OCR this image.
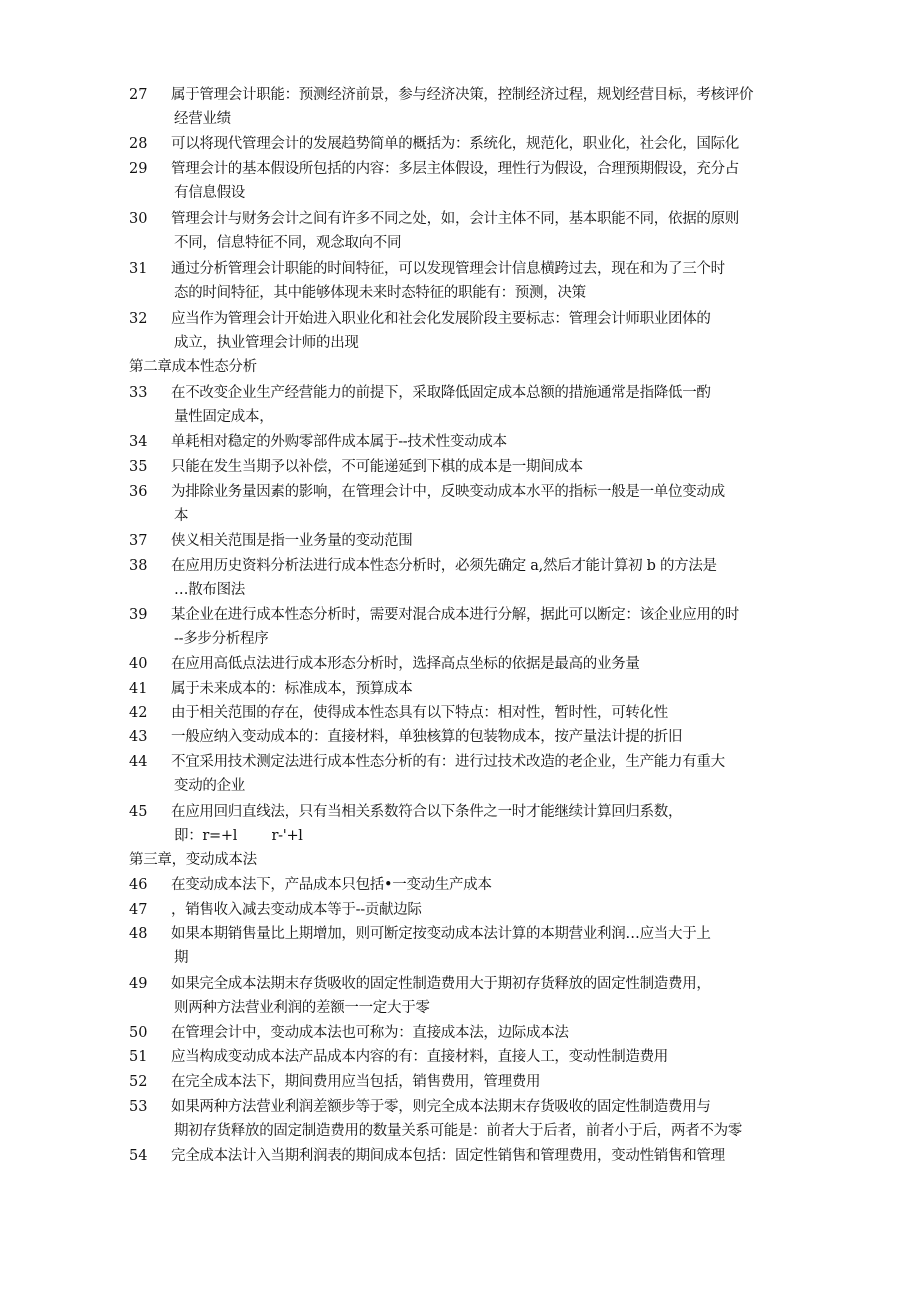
27 属于管理会计职能：预测经济前景，参与经济决策，控制经济过程，规划经营目标，考核评价
经营业绩
28 可以将现代管理会计的发展趋势简单的概括为：系统化，规范化，职业化，社会化，国际化
29 管理会计的基本假设所包括的内容：多层主体假设，理性行为假设，合理预期假设，充分占
有信息假设
30 管理会计与财务会计之间有许多不同之处，如，会计主体不同，基本职能不同，依据的原则
不同，信息特征不同，观念取向不同
31 通过分析管理会计职能的时间特征，可以发现管理会计信息横跨过去，现在和为了三个时
态的时间特征，其中能够体现未来时态特征的职能有：预测，决策
32 应当作为管理会计开始进入职业化和社会化发展阶段主要标志：管理会计师职业团体的
成立，执业管理会计师的出现
第二章成本性态分析
33 在不改变企业生产经营能力的前提下，采取降低固定成本总额的措施通常是指降低一酌
量性固定成本，
34 单耗相对稳定的外购零部件成本属于--技术性变动成本
35 只能在发生当期予以补偿，不可能递延到下棋的成本是一期间成本
36 为排除业务量因素的影响，在管理会计中，反映变动成本水平的指标一般是一单位变动成
本
37 侠义相关范围是指一业务量的变动范围
38 在应用历史资料分析法进行成本性态分析时，必须先确定 a,然后才能计算初 b 的方法是
…散布图法
39 某企业在进行成本性态分析时，需要对混合成本进行分解，据此可以断定：该企业应用的时
--多步分析程序
40 在应用高低点法进行成本形态分析时，选择高点坐标的依据是最高的业务量
41 属于未来成本的：标准成本，预算成本
42 由于相关范围的存在，使得成本性态具有以下特点：相对性，暂时性，可转化性
43 一般应纳入变动成本的：直接材料，单独核算的包装物成本，按产量法计提的折旧
44 不宜采用技术测定法进行成本性态分析的有：进行过技术改造的老企业，生产能力有重大
变动的企业
45 在应用回归直线法，只有当相关系数符合以下条件之一时才能继续计算回归系数，
即：r=+l        r-'+l
第三章，变动成本法
46 在变动成本法下，产品成本只包括•一变动生产成本
47 ，销售收入减去变动成本等于--贡献边际
48 如果本期销售量比上期增加，则可断定按变动成本法计算的本期营业利润…应当大于上
期
49 如果完全成本法期末存货吸收的固定性制造费用大于期初存货释放的固定性制造费用，
则两种方法营业利润的差额一一定大于零
50 在管理会计中，变动成本法也可称为：直接成本法，边际成本法
51 应当构成变动成本法产品成本内容的有：直接材料，直接人工，变动性制造费用
52 在完全成本法下，期间费用应当包括，销售费用，管理费用
53 如果两种方法营业利润差额步等于零，则完全成本法期末存货吸收的固定性制造费用与
期初存货释放的固定制造费用的数量关系可能是：前者大于后者，前者小于后，两者不为零
54 完全成本法计入当期利润表的期间成本包括：固定性销售和管理费用，变动性销售和管理
